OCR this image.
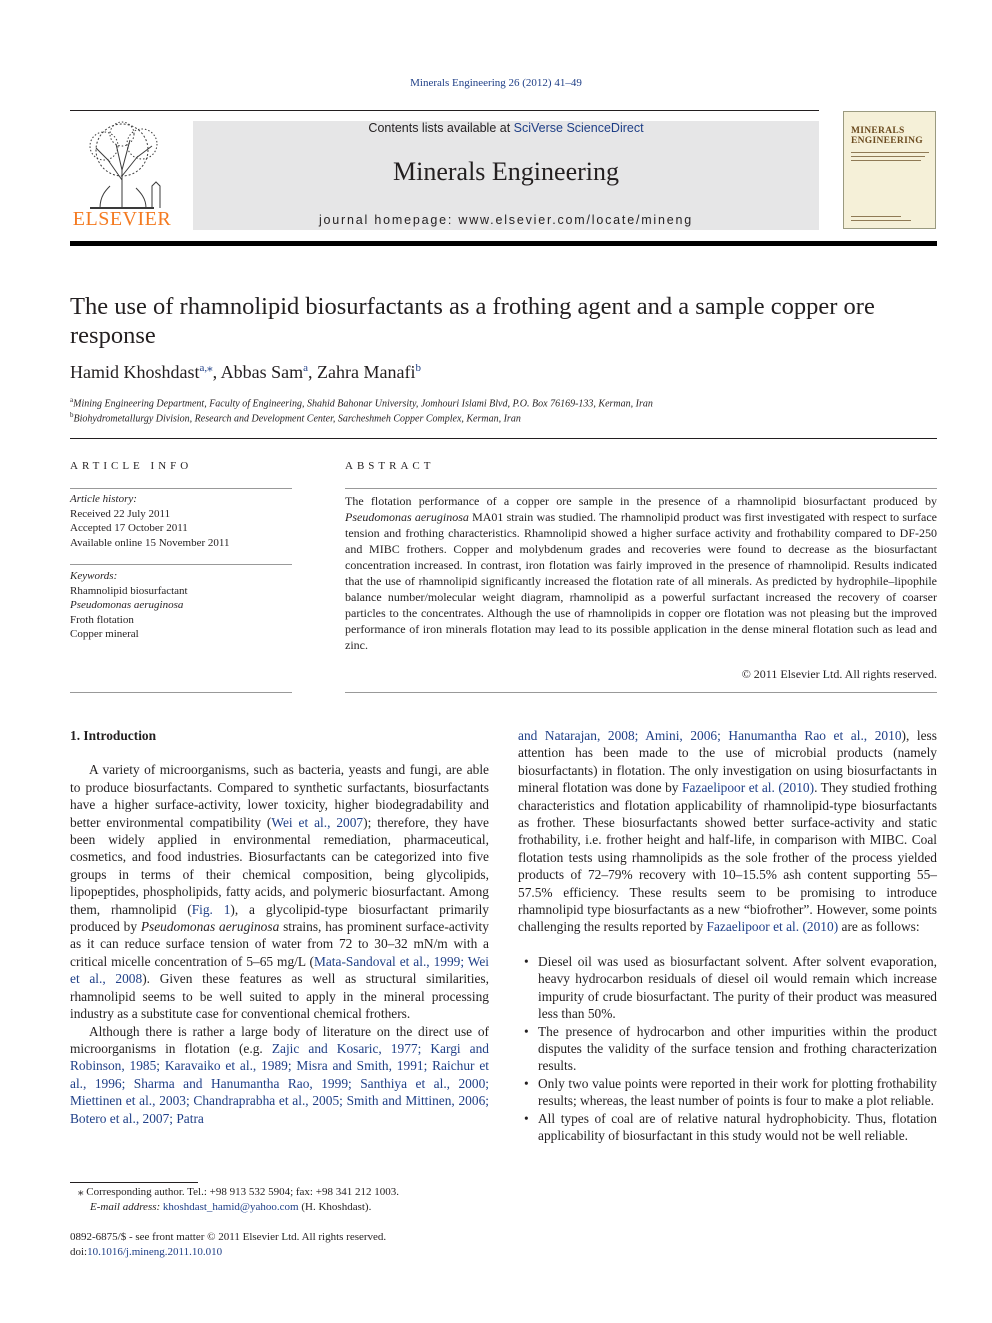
Minerals Engineering 26 (2012) 41–49
ELSEVIER
Contents lists available at SciVerse ScienceDirect
Minerals Engineering
journal homepage: www.elsevier.com/locate/mineng
MINERALS
ENGINEERING
The use of rhamnolipid biosurfactants as a frothing agent and a sample copper ore response
Hamid Khoshdast$^{a,⁎}$, Abbas Sam$^a$, Zahra Manafi$^b$
$^a$Mining Engineering Department, Faculty of Engineering, Shahid Bahonar University, Jomhouri Islami Blvd, P.O. Box 76169-133, Kerman, Iran
$^b$Biohydrometallurgy Division, Research and Development Center, Sarcheshmeh Copper Complex, Kerman, Iran
ARTICLE INFO
Article history:
Received 22 July 2011
Accepted 17 October 2011
Available online 15 November 2011
Keywords:
Rhamnolipid biosurfactant
Pseudomonas aeruginosa
Froth flotation
Copper mineral
ABSTRACT
The flotation performance of a copper ore sample in the presence of a rhamnolipid biosurfactant produced by Pseudomonas aeruginosa MA01 strain was studied. The rhamnolipid product was first investigated with respect to surface tension and frothing characteristics. Rhamnolipid showed a higher surface activity and frothability compared to DF-250 and MIBC frothers. Copper and molybdenum grades and recoveries were found to decrease as the biosurfactant concentration increased. In contrast, iron flotation was fairly improved in the presence of rhamnolipid. Results indicated that the use of rhamnolipid significantly increased the flotation rate of all minerals. As predicted by hydrophile–lipophile balance number/molecular weight diagram, rhamnolipid as a powerful surfactant increased the recovery of coarser particles to the concentrates. Although the use of rhamnolipids in copper ore flotation was not pleasing but the improved performance of iron minerals flotation may lead to its possible application in the dense mineral flotation such as lead and zinc.
© 2011 Elsevier Ltd. All rights reserved.
1. Introduction

A variety of microorganisms, such as bacteria, yeasts and fungi, are able to produce biosurfactants. Compared to synthetic surfactants, biosurfactants have a higher surface-activity, lower toxicity, higher biodegradability and better environmental compatibility (Wei et al., 2007); therefore, they have been widely applied in environmental remediation, pharmaceutical, cosmetics, and food industries. Biosurfactants can be categorized into five groups in terms of their chemical composition, being glycolipids, lipopeptides, phospholipids, fatty acids, and polymeric biosurfactant. Among them, rhamnolipid (Fig. 1), a glycolipid-type biosurfactant primarily produced by Pseudomonas aeruginosa strains, has prominent surface-activity as it can reduce surface tension of water from 72 to 30–32 mN/m with a critical micelle concentration of 5–65 mg/L (Mata-Sandoval et al., 1999; Wei et al., 2008). Given these features as well as structural similarities, rhamnolipid seems to be well suited to apply in the mineral processing industry as a substitute case for conventional chemical frothers.

Although there is rather a large body of literature on the direct use of microorganisms in flotation (e.g. Zajic and Kosaric, 1977; Kargi and Robinson, 1985; Karavaiko et al., 1989; Misra and Smith, 1991; Raichur et al., 1996; Sharma and Hanumantha Rao, 1999; Santhiya et al., 2000; Miettinen et al., 2003; Chandraprabha et al., 2005; Smith and Mittinen, 2006; Botero et al., 2007; Patra

and Natarajan, 2008; Amini, 2006; Hanumantha Rao et al., 2010), less attention has been made to the use of microbial products (namely biosurfactants) in flotation. The only investigation on using biosurfactants in mineral flotation was done by Fazaelipoor et al. (2010). They studied frothing characteristics and flotation applicability of rhamnolipid-type biosurfactants as frother. These biosurfactants showed better surface-activity and static frothability, i.e. frother height and half-life, in comparison with MIBC. Coal flotation tests using rhamnolipids as the sole frother of the process yielded products of 72–79% recovery with 10–15.5% ash content supporting 55–57.5% efficiency. These results seem to be promising to introduce rhamnolipid type biosurfactants as a new “biofrother”. However, some points challenging the results reported by Fazaelipoor et al. (2010) are as follows:

• Diesel oil was used as biosurfactant solvent. After solvent evaporation, heavy hydrocarbon residuals of diesel oil would remain which increase impurity of crude biosurfactant. The purity of their product was measured less than 50%.
• The presence of hydrocarbon and other impurities within the product disputes the validity of the surface tension and frothing characterization results.
• Only two value points were reported in their work for plotting frothability results; whereas, the least number of points is four to make a plot reliable.
• All types of coal are of relative natural hydrophobicity. Thus, flotation applicability of biosurfactant in this study would not be well reliable.
⁎ Corresponding author. Tel.: +98 913 532 5904; fax: +98 341 212 1003.
E-mail address: khoshdast_hamid@yahoo.com (H. Khoshdast).
0892-6875/$ - see front matter © 2011 Elsevier Ltd. All rights reserved.
doi:10.1016/j.mineng.2011.10.010
